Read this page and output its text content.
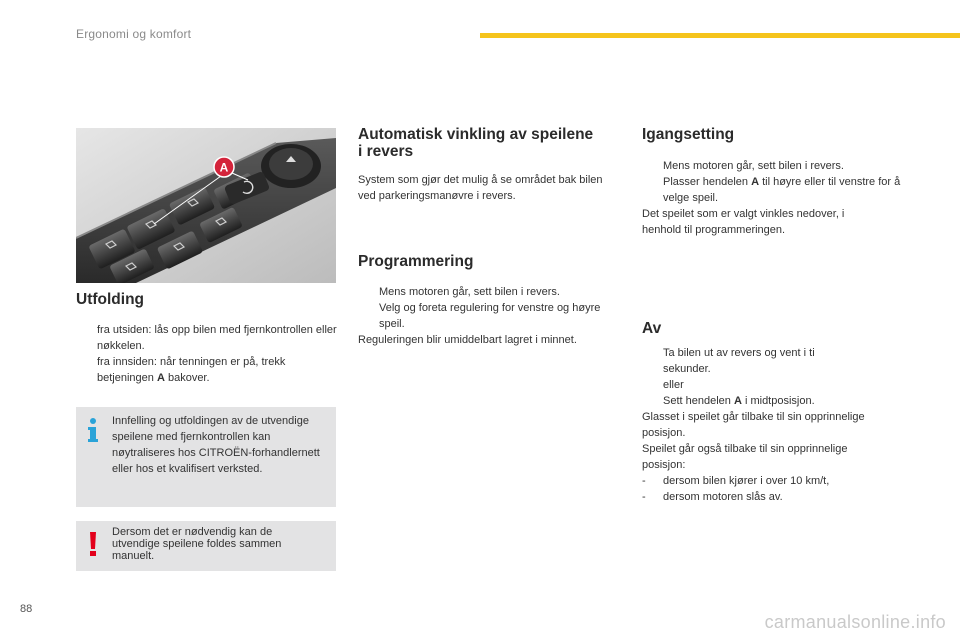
Ergonomi og komfort
A
Utfolding
fra utsiden: lås opp bilen med fjernkontrollen eller nøkkelen.
fra innsiden: når tenningen er på, trekk betjeningen A bakover.
Innfelling og utfoldingen av de utvendige speilene med fjernkontrollen kan nøytraliseres hos CITROËN-forhandlernett eller hos et kvalifisert verksted.
Dersom det er nødvendig kan de utvendige speilene foldes sammen manuelt.
Automatisk vinkling av speilene
i revers

System som gjør det mulig å se området bak bilen ved parkeringsmanøvre i revers.

Programmering
Mens motoren går, sett bilen i revers.
Velg og foreta regulering for venstre og høyre speil.

Reguleringen blir umiddelbart lagret i minnet.

Igangsetting
Mens motoren går, sett bilen i revers.
Plasser hendelen A til høyre eller til venstre for å velge speil.

Det speilet som er valgt vinkles nedover, i henhold til programmeringen.

Av
Ta bilen ut av revers og vent i ti sekunder.
eller
Sett hendelen A i midtposisjon.

Glasset i speilet går tilbake til sin opprinnelige posisjon.

Speilet går også tilbake til sin opprinnelige posisjon:

- dersom bilen kjører i over 10 km/t,
- dersom motoren slås av.
88
carmanualsonline.info
